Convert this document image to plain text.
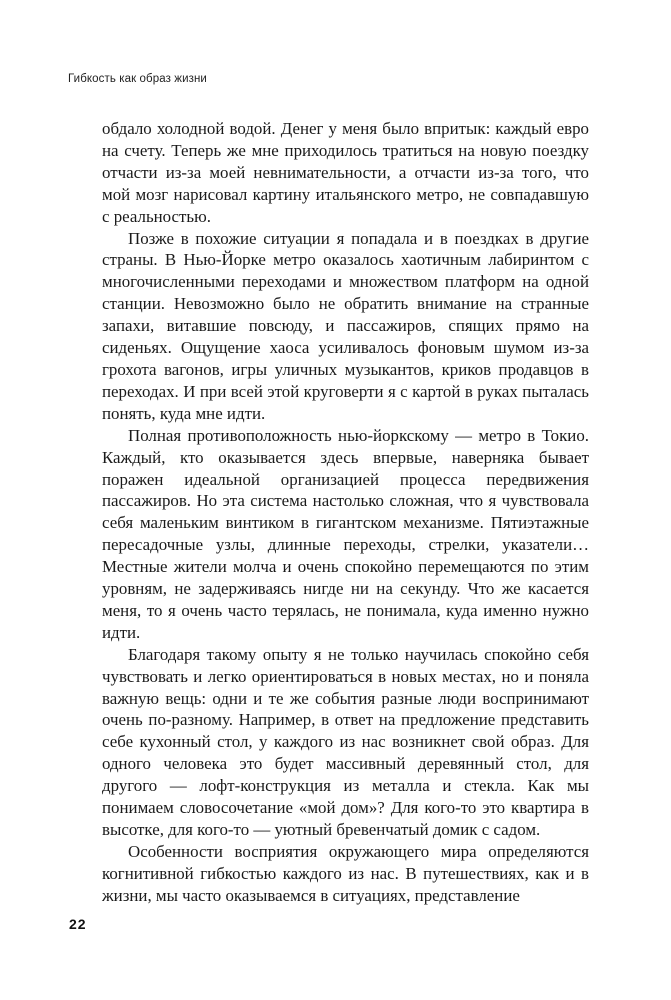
Гибкость как образ жизни

обдало холодной водой. Денег у меня было впритык: каждый евро на счету. Теперь же мне приходилось тратиться на новую поездку отчасти из-за моей невнимательности, а отчасти из-за того, что мой мозг нарисовал картину итальянского метро, не совпадавшую с реальностью.

Позже в похожие ситуации я попадала и в поездках в другие страны. В Нью-Йорке метро оказалось хаотичным лабиринтом с многочисленными переходами и множеством платформ на одной станции. Невозможно было не обратить внимание на странные запахи, витавшие повсюду, и пассажиров, спящих прямо на сиденьях. Ощущение хаоса усиливалось фоновым шумом из-за грохота вагонов, игры уличных музыкантов, криков продавцов в переходах. И при всей этой круговерти я с картой в руках пыталась понять, куда мне идти.

Полная противоположность нью-йоркскому — метро в Токио. Каждый, кто оказывается здесь впервые, наверняка бывает поражен идеальной организацией процесса передвижения пассажиров. Но эта система настолько сложная, что я чувствовала себя маленьким винтиком в гигантском механизме. Пятиэтажные пересадочные узлы, длинные переходы, стрелки, указатели… Местные жители молча и очень спокойно перемещаются по этим уровням, не задерживаясь нигде ни на секунду. Что же касается меня, то я очень часто терялась, не понимала, куда именно нужно идти.

Благодаря такому опыту я не только научилась спокойно себя чувствовать и легко ориентироваться в новых местах, но и поняла важную вещь: одни и те же события разные люди воспринимают очень по-разному. Например, в ответ на предложение представить себе кухонный стол, у каждого из нас возникнет свой образ. Для одного человека это будет массивный деревянный стол, для другого — лофт-конструкция из металла и стекла. Как мы понимаем словосочетание «мой дом»? Для кого-то это квартира в высотке, для кого-то — уютный бревенчатый домик с садом.

Особенности восприятия окружающего мира определяются когнитивной гибкостью каждого из нас. В путешествиях, как и в жизни, мы часто оказываемся в ситуациях, представление

22
